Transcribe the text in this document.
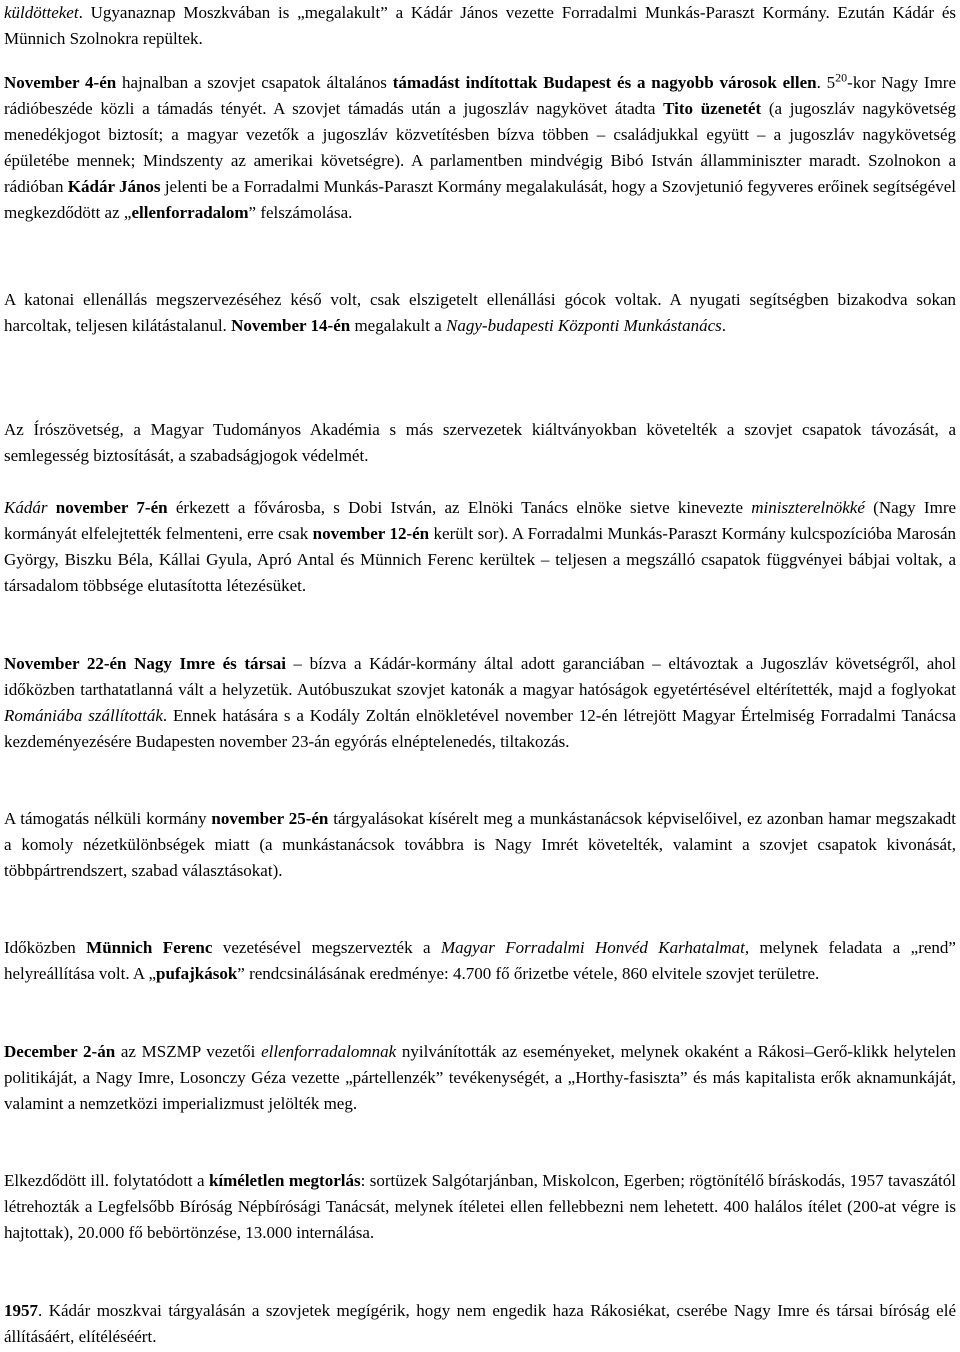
küldötteket. Ugyanaznap Moszkvában is „megalakult” a Kádár János vezette Forradalmi Munkás-Paraszt Kormány. Ezután Kádár és Münnich Szolnokra repültek.

November 4-én hajnalban a szovjet csapatok általános támadást indítottak Budapest és a nagyobb városok ellen. $5^{20}$-kor Nagy Imre rádióbeszéde közli a támadás tényét. A szovjet támadás után a jugoszláv nagykövet átadta Tito üzenetét (a jugoszláv nagykövetség menedékjogot biztosít; a magyar vezetők a jugoszláv közvetítésben bízva többen – családjukkal együtt – a jugoszláv nagykövetség épületébe mennek; Mindszenty az amerikai követségre). A parlamentben mindvégig Bibó István államminiszter maradt. Szolnokon a rádióban Kádár János jelenti be a Forradalmi Munkás-Paraszt Kormány megalakulását, hogy a Szovjetunió fegyveres erőinek segítségével megkezdődött az „ellenforradalom” felszámolása.

A katonai ellenállás megszervezéséhez késő volt, csak elszigetelt ellenállási gócok voltak. A nyugati segítségben bizakodva sokan harcoltak, teljesen kilátástalanul. November 14-én megalakult a Nagy-budapesti Központi Munkástanács.

Az Írószövetség, a Magyar Tudományos Akadémia s más szervezetek kiáltványokban követelték a szovjet csapatok távozását, a semlegesség biztosítását, a szabadságjogok védelmét.

Kádár november 7-én érkezett a fővárosba, s Dobi István, az Elnöki Tanács elnöke sietve kinevezte miniszterelnökké (Nagy Imre kormányát elfelejtették felmenteni, erre csak november 12-én került sor). A Forradalmi Munkás-Paraszt Kormány kulcspozícióba Marosán György, Biszku Béla, Kállai Gyula, Apró Antal és Münnich Ferenc kerültek – teljesen a megszálló csapatok függvényei bábjai voltak, a társadalom többsége elutasította létezésüket.

November 22-én Nagy Imre és társai – bízva a Kádár-kormány által adott garanciában – eltávoztak a Jugoszláv követségről, ahol időközben tarthatatlanná vált a helyzetük. Autóbuszukat szovjet katonák a magyar hatóságok egyetértésével eltérítették, majd a foglyokat Romániába szállították. Ennek hatására s a Kodály Zoltán elnökletével november 12-én létrejött Magyar Értelmiség Forradalmi Tanácsa kezdeményezésére Budapesten november 23-án egyórás elnéptelenedés, tiltakozás.

A támogatás nélküli kormány november 25-én tárgyalásokat kísérelt meg a munkástanácsok képviselőivel, ez azonban hamar megszakadt a komoly nézetkülönbségek miatt (a munkástanácsok továbbra is Nagy Imrét követelték, valamint a szovjet csapatok kivonását, többpártrendszert, szabad választásokat).

Időközben Münnich Ferenc vezetésével megszervezték a Magyar Forradalmi Honvéd Karhatalmat, melynek feladata a „rend” helyreállítása volt. A „pufajkások” rendcsinálásának eredménye: 4.700 fő őrizetbe vétele, 860 elvitele szovjet területre.

December 2-án az MSZMP vezetői ellenforradalomnak nyilvánították az eseményeket, melynek okaként a Rákosi–Gerő-klikk helytelen politikáját, a Nagy Imre, Losonczy Géza vezette „pártellenzék” tevékenységét, a „Horthy-fasiszta” és más kapitalista erők aknamunkáját, valamint a nemzetközi imperializmust jelölték meg.

Elkezdődött ill. folytatódott a kíméletlen megtorlás: sortüzek Salgótarjánban, Miskolcon, Egerben; rögtönítélő bíráskodás, 1957 tavaszától létrehozták a Legfelsőbb Bíróság Népbírósági Tanácsát, melynek ítéletei ellen fellebbezni nem lehetett. 400 halálos ítélet (200-at végre is hajtottak), 20.000 fő bebörtönzése, 13.000 internálása.

1957. Kádár moszkvai tárgyalásán a szovjetek megígérik, hogy nem engedik haza Rákosiékat, cserébe Nagy Imre és társai bíróság elé állításáért, elítéléséért.
